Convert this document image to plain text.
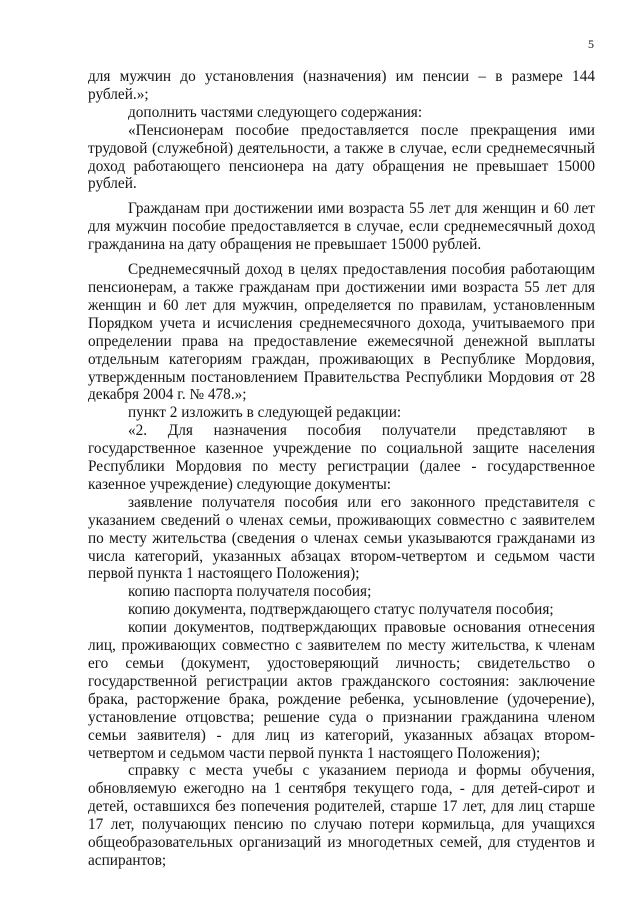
5

для мужчин до установления (назначения) им пенсии – в размере 144 рублей.»;

дополнить частями следующего содержания:

«Пенсионерам пособие предоставляется после прекращения ими трудовой (служебной) деятельности, а также в случае, если среднемесячный доход работающего пенсионера на дату обращения не превышает 15000 рублей.

Гражданам при достижении ими возраста 55 лет для женщин и 60 лет для мужчин пособие предоставляется в случае, если среднемесячный доход гражданина на дату обращения не превышает 15000 рублей.

Среднемесячный доход в целях предоставления пособия работающим пенсионерам, а также гражданам при достижении ими возраста 55 лет для женщин и 60 лет для мужчин, определяется по правилам, установленным Порядком учета и исчисления среднемесячного дохода, учитываемого при определении права на предоставление ежемесячной денежной выплаты отдельным категориям граждан, проживающих в Республике Мордовия, утвержденным постановлением Правительства Республики Мордовия от 28 декабря 2004 г. № 478.»;

пункт 2 изложить в следующей редакции:

«2. Для назначения пособия получатели представляют в государственное казенное учреждение по социальной защите населения Республики Мордовия по месту регистрации (далее - государственное казенное учреждение) следующие документы:

заявление получателя пособия или его законного представителя с указанием сведений о членах семьи, проживающих совместно с заявителем по месту жительства (сведения о членах семьи указываются гражданами из числа категорий, указанных абзацах втором-четвертом и седьмом части первой пункта 1 настоящего Положения);

копию паспорта получателя пособия;

копию документа, подтверждающего статус получателя пособия;

копии документов, подтверждающих правовые основания отнесения лиц, проживающих совместно с заявителем по месту жительства, к членам его семьи (документ, удостоверяющий личность; свидетельство о государственной регистрации актов гражданского состояния: заключение брака, расторжение брака, рождение ребенка, усыновление (удочерение), установление отцовства; решение суда о признании гражданина членом семьи заявителя) - для лиц из категорий, указанных абзацах втором-четвертом и седьмом части первой пункта 1 настоящего Положения);

справку с места учебы с указанием периода и формы обучения, обновляемую ежегодно на 1 сентября текущего года, - для детей-сирот и детей, оставшихся без попечения родителей, старше 17 лет, для лиц старше 17 лет, получающих пенсию по случаю потери кормильца, для учащихся общеобразовательных организаций из многодетных семей, для студентов и аспирантов;
